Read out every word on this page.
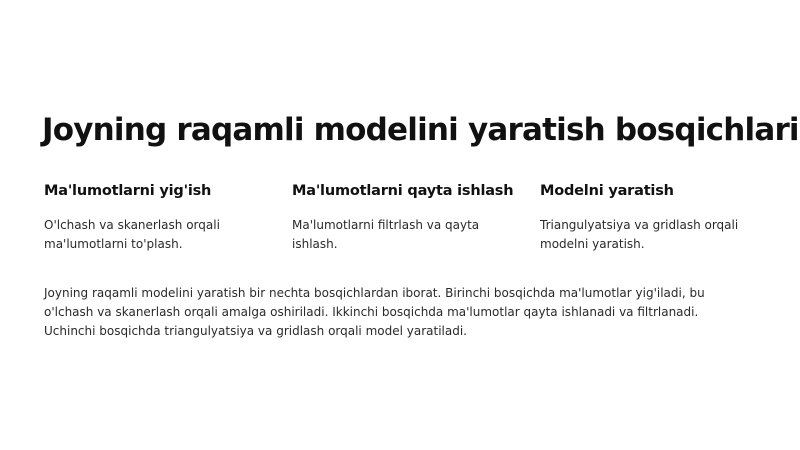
Joyning raqamli modelini yaratish bosqichlari
Ma'lumotlarni yig'ish

O'lchash va skanerlash orqali ma'lumotlarni to'plash.

Ma'lumotlarni qayta ishlash

Ma'lumotlarni filtrlash va qayta ishlash.

Modelni yaratish

Triangulyatsiya va gridlash orqali modelni yaratish.

Joyning raqamli modelini yaratish bir nechta bosqichlardan iborat. Birinchi bosqichda ma'lumotlar yig'iladi, bu o'lchash va skanerlash orqali amalga oshiriladi. Ikkinchi bosqichda ma'lumotlar qayta ishlanadi va filtrlanadi. Uchinchi bosqichda triangulyatsiya va gridlash orqali model yaratiladi.
